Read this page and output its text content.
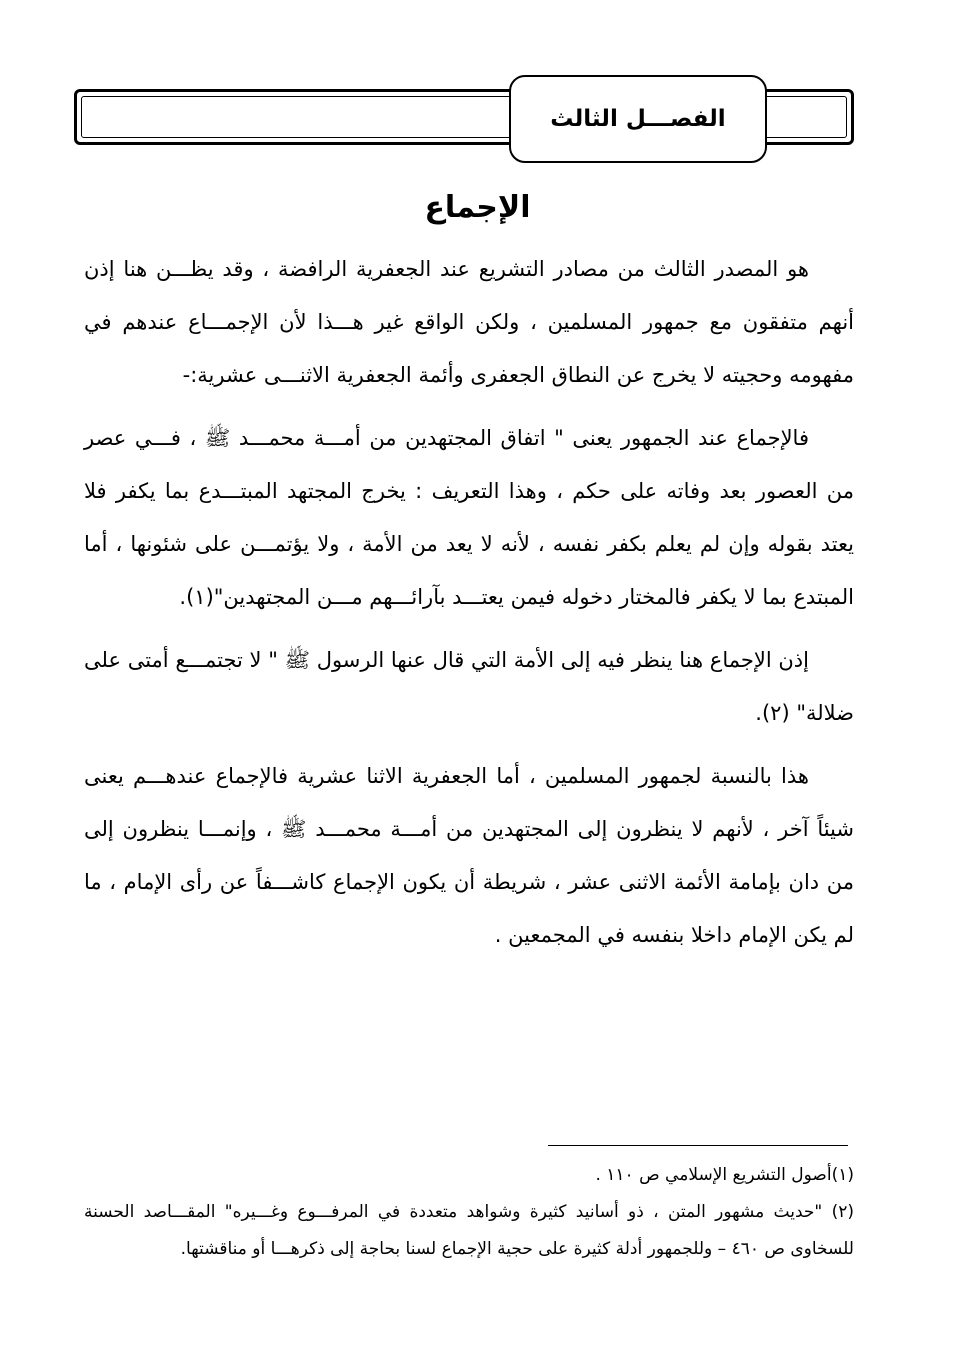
الفصـــل الثالث
الإجماع

هو المصدر الثالث من مصادر التشريع عند الجعفرية الرافضة ، وقد يظـــن هنا إذن أنهم متفقون مع جمهور المسلمين ، ولكن الواقع غير هـــذا لأن الإجمـــاع عندهم في مفهومه وحجيته لا يخرج عن النطاق الجعفرى وأئمة الجعفرية الاثنـــى عشرية:-

فالإجماع عند الجمهور يعنى " اتفاق المجتهدين من أمـــة محمـــد ﷺ ، فـــي عصر من العصور بعد وفاته على حكم ، وهذا التعريف : يخرج المجتهد المبتـــدع بما يكفر فلا يعتد بقوله وإن لم يعلم بكفر نفسه ، لأنه لا يعد من الأمة ، ولا يؤتمـــن على شئونها ، أما المبتدع بما لا يكفر فالمختار دخوله فيمن يعتـــد بآرائـــهم مـــن المجتهدين"(١).

إذن الإجماع هنا ينظر فيه إلى الأمة التي قال عنها الرسول ﷺ " لا تجتمـــع أمتى على ضلالة" (٢).

هذا بالنسبة لجمهور المسلمين ، أما الجعفرية الاثنا عشرية فالإجماع عندهـــم يعنى شيئاً آخر ، لأنهم لا ينظرون إلى المجتهدين من أمـــة محمـــد ﷺ ، وإنمـــا ينظرون إلى من دان بإمامة الأئمة الاثنى عشر ، شريطة أن يكون الإجماع كاشـــفاً عن رأى الإمام ، ما لم يكن الإمام داخلا بنفسه في المجمعين .

(١)أصول التشريع الإسلامي ص ١١٠ .

(٢) "حديث مشهور المتن ، ذو أسانيد كثيرة وشواهد متعددة في المرفـــوع وغـــيره" المقـــاصد الحسنة للسخاوى ص ٤٦٠ – وللجمهور أدلة كثيرة على حجية الإجماع لسنا بحاجة إلى ذكرهـــا أو مناقشتها.
